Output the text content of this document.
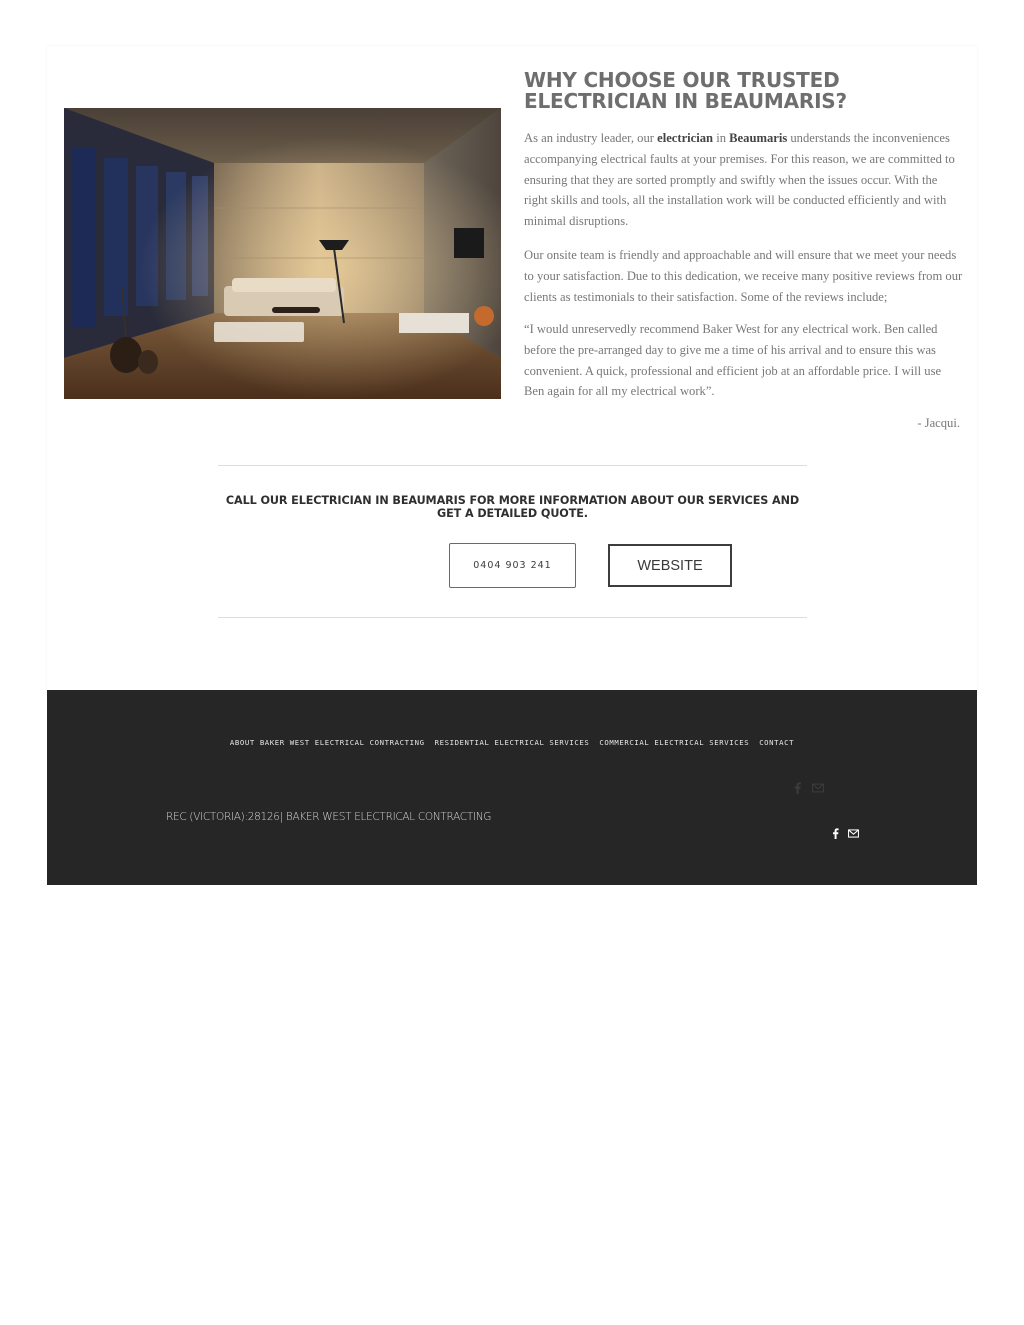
WHY CHOOSE OUR TRUSTED ELECTRICIAN IN BEAUMARIS?

As an industry leader, our electrician in Beaumaris understands the inconveniences accompanying electrical faults at your premises. For this reason, we are committed to ensuring that they are sorted promptly and swiftly when the issues occur. With the right skills and tools, all the installation work will be conducted efficiently and with minimal disruptions.

Our onsite team is friendly and approachable and will ensure that we meet your needs to your satisfaction. Due to this dedication, we receive many positive reviews from our clients as testimonials to their satisfaction. Some of the reviews include;

“I would unreservedly recommend Baker West for any electrical work. Ben called before the pre-arranged day to give me a time of his arrival and to ensure this was convenient. A quick, professional and efficient job at an affordable price. I will use Ben again for all my electrical work”.

- Jacqui.

CALL OUR ELECTRICIAN IN BEAUMARIS FOR MORE INFORMATION ABOUT OUR SERVICES AND GET A DETAILED QUOTE.
0404 903 241	WEBSITE
ABOUT BAKER WEST ELECTRICAL CONTRACTING RESIDENTIAL ELECTRICAL SERVICES COMMERCIAL ELECTRICAL SERVICES CONTACT

REC (VICTORIA):28126| BAKER WEST ELECTRICAL CONTRACTING
